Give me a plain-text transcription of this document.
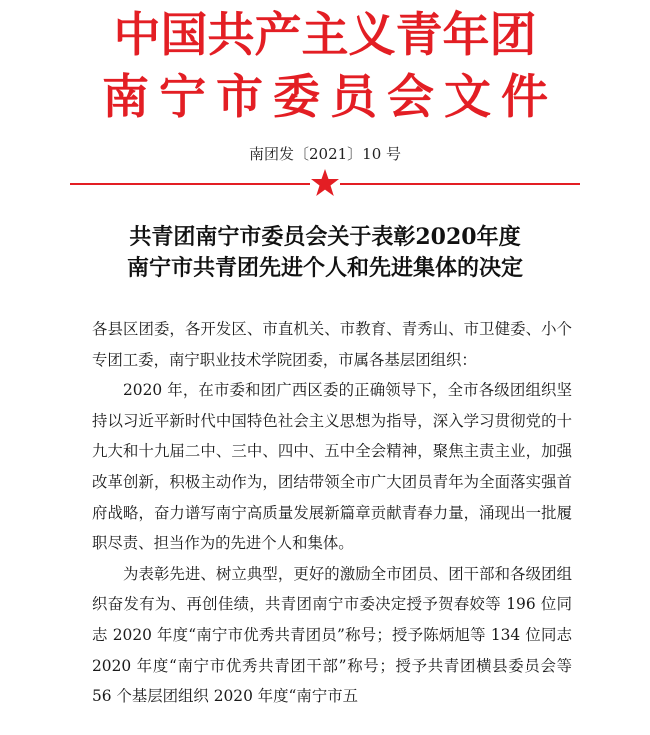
中国共产主义青年团
南宁市委员会文件
南团发〔2021〕10 号
共青团南宁市委员会关于表彰2020年度
南宁市共青团先进个人和先进集体的决定

各县区团委，各开发区、市直机关、市教育、青秀山、市卫健委、小个专团工委，南宁职业技术学院团委，市属各基层团组织：

2020 年，在市委和团广西区委的正确领导下，全市各级团组织坚持以习近平新时代中国特色社会主义思想为指导，深入学习贯彻党的十九大和十九届二中、三中、四中、五中全会精神，聚焦主责主业，加强改革创新，积极主动作为，团结带领全市广大团员青年为全面落实强首府战略，奋力谱写南宁高质量发展新篇章贡献青春力量，涌现出一批履职尽责、担当作为的先进个人和集体。

为表彰先进、树立典型，更好的激励全市团员、团干部和各级团组织奋发有为、再创佳绩，共青团南宁市委决定授予贺春姣等 196 位同志 2020 年度“南宁市优秀共青团员”称号；授予陈炳旭等 134 位同志 2020 年度“南宁市优秀共青团干部”称号；授予共青团横县委员会等 56 个基层团组织 2020 年度“南宁市五
